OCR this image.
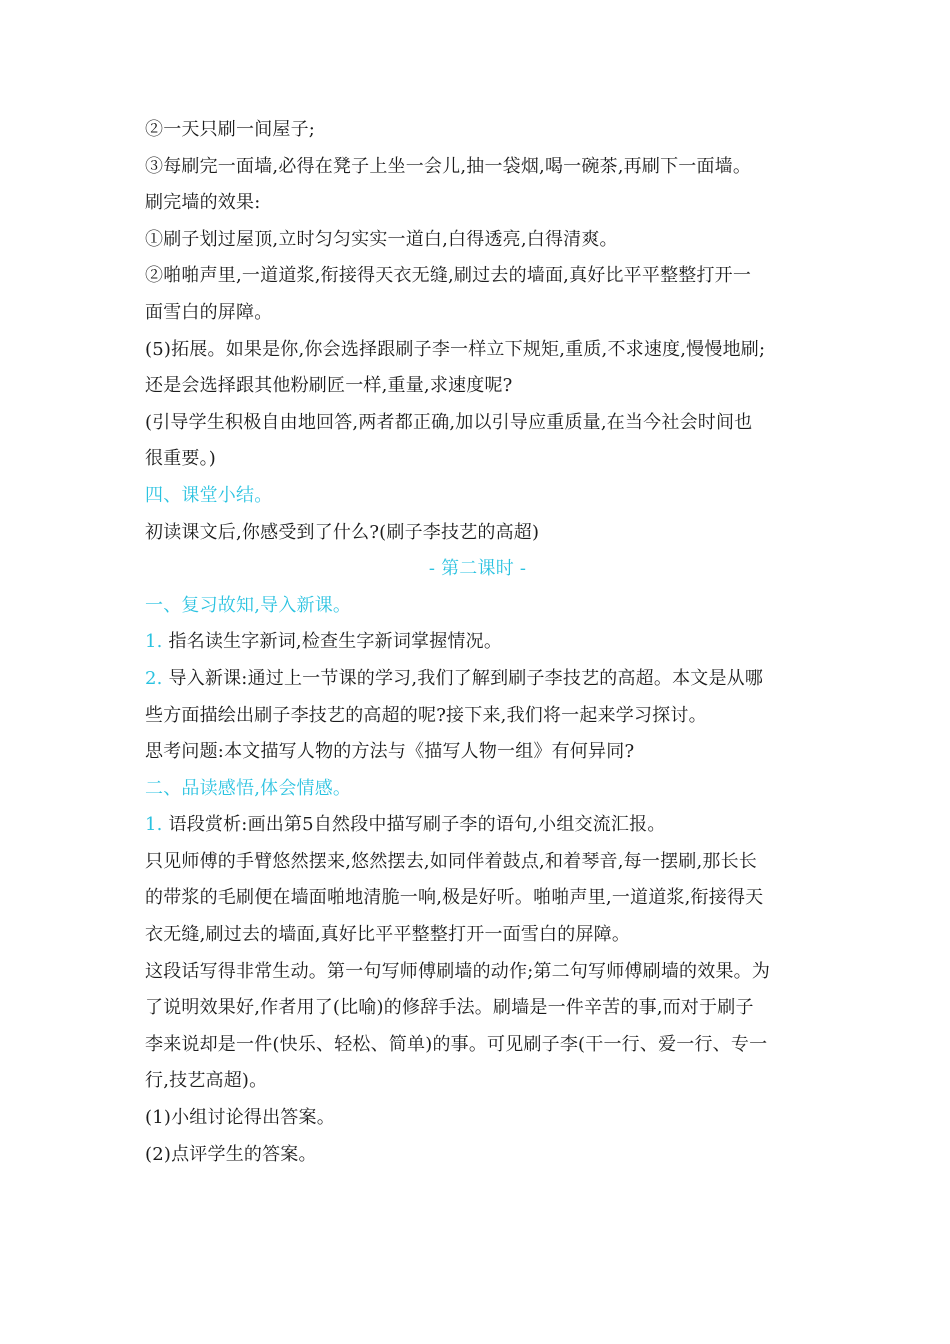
②一天只刷一间屋子;
③每刷完一面墙,必得在凳子上坐一会儿,抽一袋烟,喝一碗茶,再刷下一面墙。
刷完墙的效果:
①刷子划过屋顶,立时匀匀实实一道白,白得透亮,白得清爽。
②啪啪声里,一道道浆,衔接得天衣无缝,刷过去的墙面,真好比平平整整打开一
面雪白的屏障。
(5)拓展。如果是你,你会选择跟刷子李一样立下规矩,重质,不求速度,慢慢地刷;
还是会选择跟其他粉刷匠一样,重量,求速度呢?
(引导学生积极自由地回答,两者都正确,加以引导应重质量,在当今社会时间也
很重要。)
四、课堂小结。
初读课文后,你感受到了什么?(刷子李技艺的高超)
- 第二课时 -
一、复习故知,导入新课。
1. 指名读生字新词,检查生字新词掌握情况。
2. 导入新课:通过上一节课的学习,我们了解到刷子李技艺的高超。本文是从哪
些方面描绘出刷子李技艺的高超的呢?接下来,我们将一起来学习探讨。
思考问题:本文描写人物的方法与《描写人物一组》有何异同?
二、品读感悟,体会情感。
1. 语段赏析:画出第5自然段中描写刷子李的语句,小组交流汇报。
只见师傅的手臂悠然摆来,悠然摆去,如同伴着鼓点,和着琴音,每一摆刷,那长长
的带浆的毛刷便在墙面啪地清脆一响,极是好听。啪啪声里,一道道浆,衔接得天
衣无缝,刷过去的墙面,真好比平平整整打开一面雪白的屏障。
这段话写得非常生动。第一句写师傅刷墙的动作;第二句写师傅刷墙的效果。为
了说明效果好,作者用了(比喻)的修辞手法。刷墙是一件辛苦的事,而对于刷子
李来说却是一件(快乐、轻松、简单)的事。可见刷子李(干一行、爱一行、专一
行,技艺高超)。
(1)小组讨论得出答案。
(2)点评学生的答案。
